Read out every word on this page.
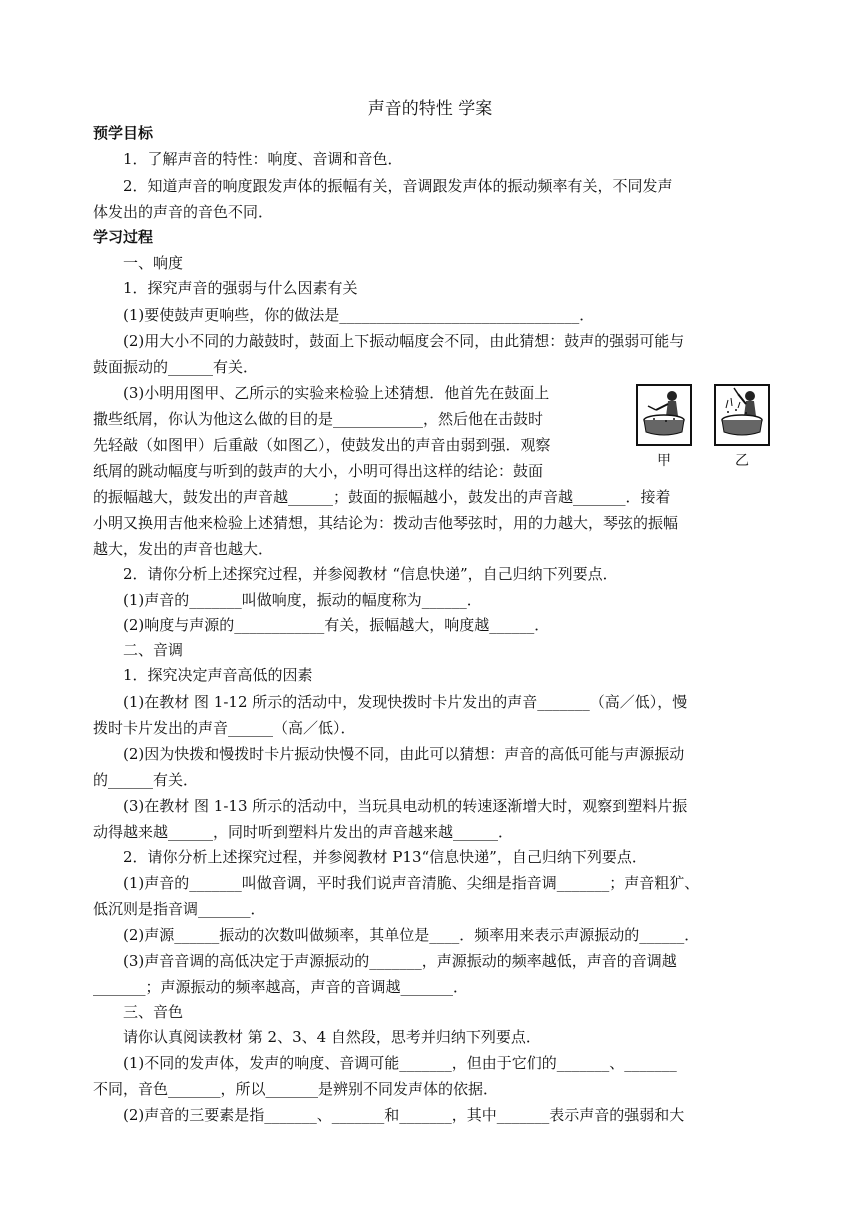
声音的特性 学案
预学目标
1．了解声音的特性：响度、音调和音色．
2．知道声音的响度跟发声体的振幅有关，音调跟发声体的振动频率有关，不同发声
体发出的声音的音色不同．
学习过程
一、响度
1．探究声音的强弱与什么因素有关
(1)要使鼓声更响些，你的做法是________________________________．
(2)用大小不同的力敲鼓时，鼓面上下振动幅度会不同，由此猜想：鼓声的强弱可能与
鼓面振动的______有关．
(3)小明用图甲、乙所示的实验来检验上述猜想．他首先在鼓面上
撒些纸屑，你认为他这么做的目的是____________，然后他在击鼓时
先轻敲（如图甲）后重敲（如图乙），使鼓发出的声音由弱到强．观察
纸屑的跳动幅度与听到的鼓声的大小，小明可得出这样的结论：鼓面
的振幅越大，鼓发出的声音越______；鼓面的振幅越小，鼓发出的声音越_______．接着
小明又换用吉他来检验上述猜想，其结论为：拨动吉他琴弦时，用的力越大，琴弦的振幅
越大，发出的声音也越大．
2．请你分析上述探究过程，并参阅教材 “信息快递”，自己归纳下列要点．
(1)声音的_______叫做响度，振动的幅度称为______．
(2)响度与声源的____________有关，振幅越大，响度越______．
二、音调
1．探究决定声音高低的因素
(1)在教材 图 1-12 所示的活动中，发现快拨时卡片发出的声音_______（高／低），慢
拨时卡片发出的声音______（高／低）．
(2)因为快拨和慢拨时卡片振动快慢不同，由此可以猜想：声音的高低可能与声源振动
的______有关．
(3)在教材 图 1-13 所示的活动中，当玩具电动机的转速逐渐增大时，观察到塑料片振
动得越来越______，同时听到塑料片发出的声音越来越______．
2．请你分析上述探究过程，并参阅教材 P13“信息快递”，自己归纳下列要点．
(1)声音的_______叫做音调，平时我们说声音清脆、尖细是指音调_______；声音粗犷、
低沉则是指音调_______．
(2)声源______振动的次数叫做频率，其单位是____．频率用来表示声源振动的______．
(3)声音音调的高低决定于声源振动的_______，声源振动的频率越低，声音的音调越
_______；声源振动的频率越高，声音的音调越_______．
三、音色
请你认真阅读教材 第 2、3、4 自然段，思考并归纳下列要点．
(1)不同的发声体，发声的响度、音调可能_______，但由于它们的_______、_______
不同，音色_______，所以_______是辨别不同发声体的依据．
(2)声音的三要素是指_______、_______和_______，其中_______表示声音的强弱和大
甲	乙
